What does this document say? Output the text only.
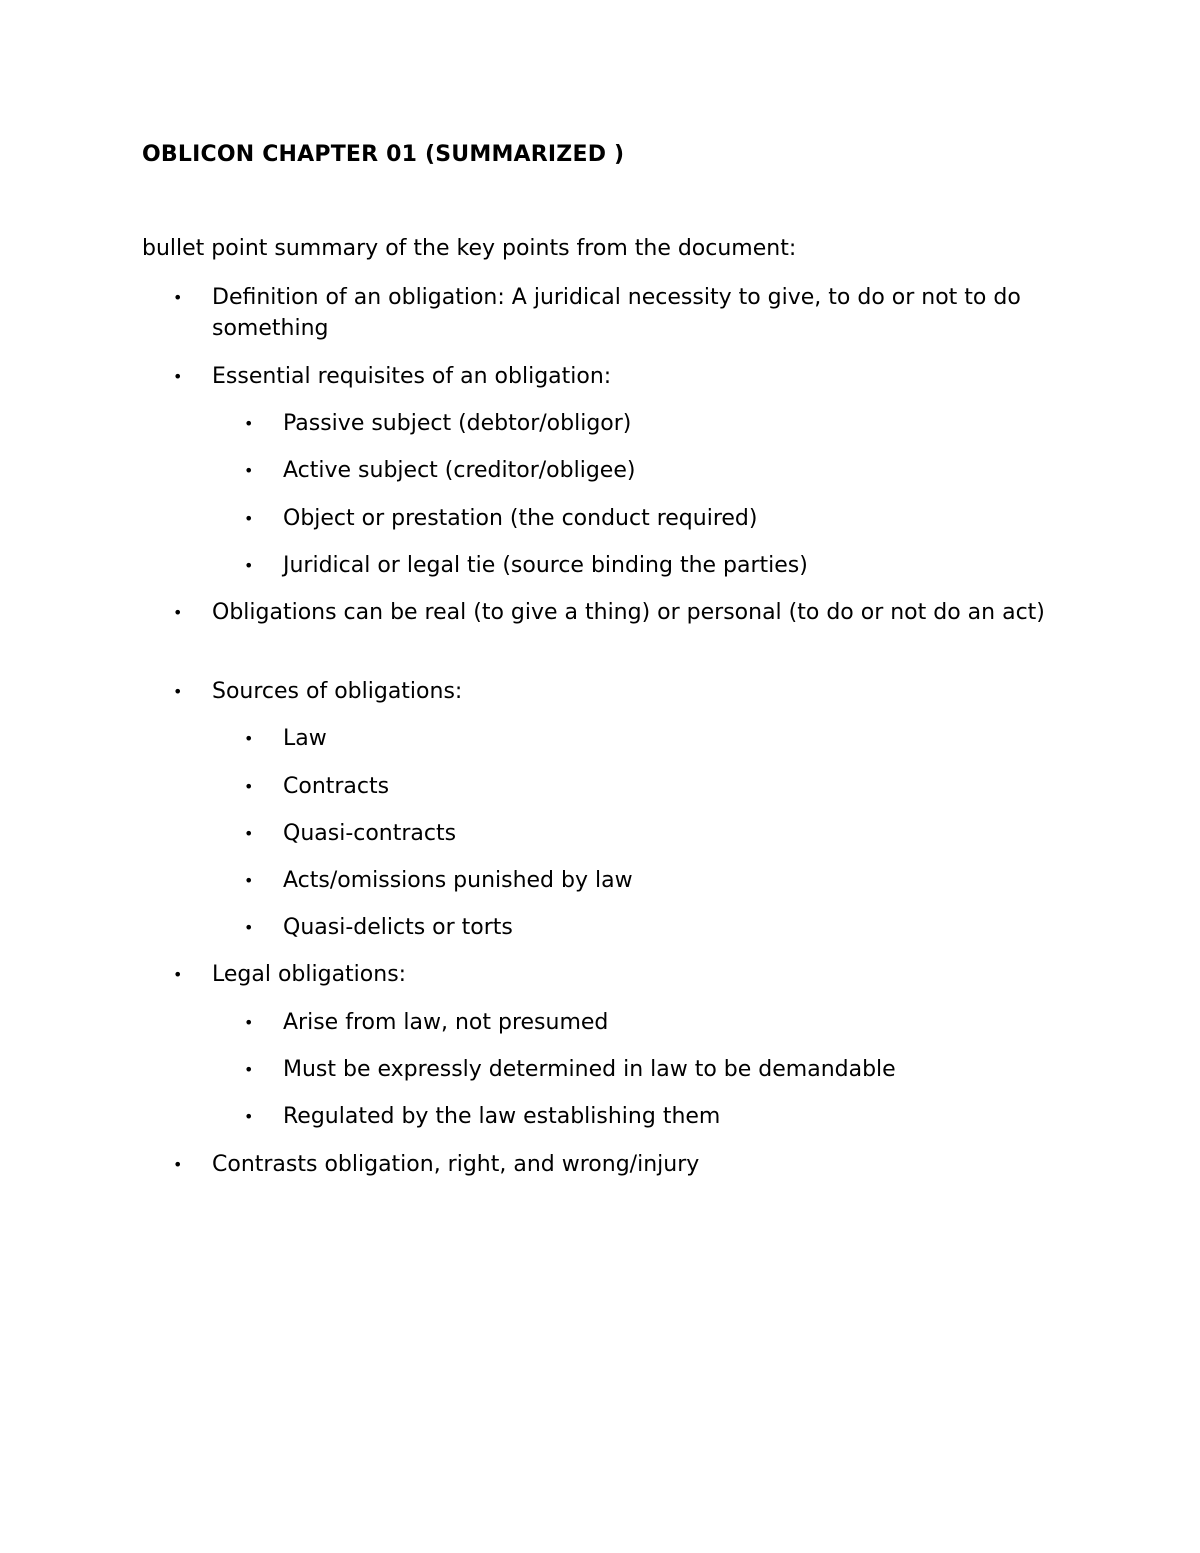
OBLICON CHAPTER 01 (SUMMARIZED )
bullet point summary of the key points from the document:
• Definition of an obligation: A juridical necessity to give, to do or not to do something
• Essential requisites of an obligation:
• Passive subject (debtor/obligor)
• Active subject (creditor/obligee)
• Object or prestation (the conduct required)
• Juridical or legal tie (source binding the parties)
• Obligations can be real (to give a thing) or personal (to do or not do an act)
• Sources of obligations:
• Law
• Contracts
• Quasi-contracts
• Acts/omissions punished by law
• Quasi-delicts or torts
• Legal obligations:
• Arise from law, not presumed
• Must be expressly determined in law to be demandable
• Regulated by the law establishing them
• Contrasts obligation, right, and wrong/injury
